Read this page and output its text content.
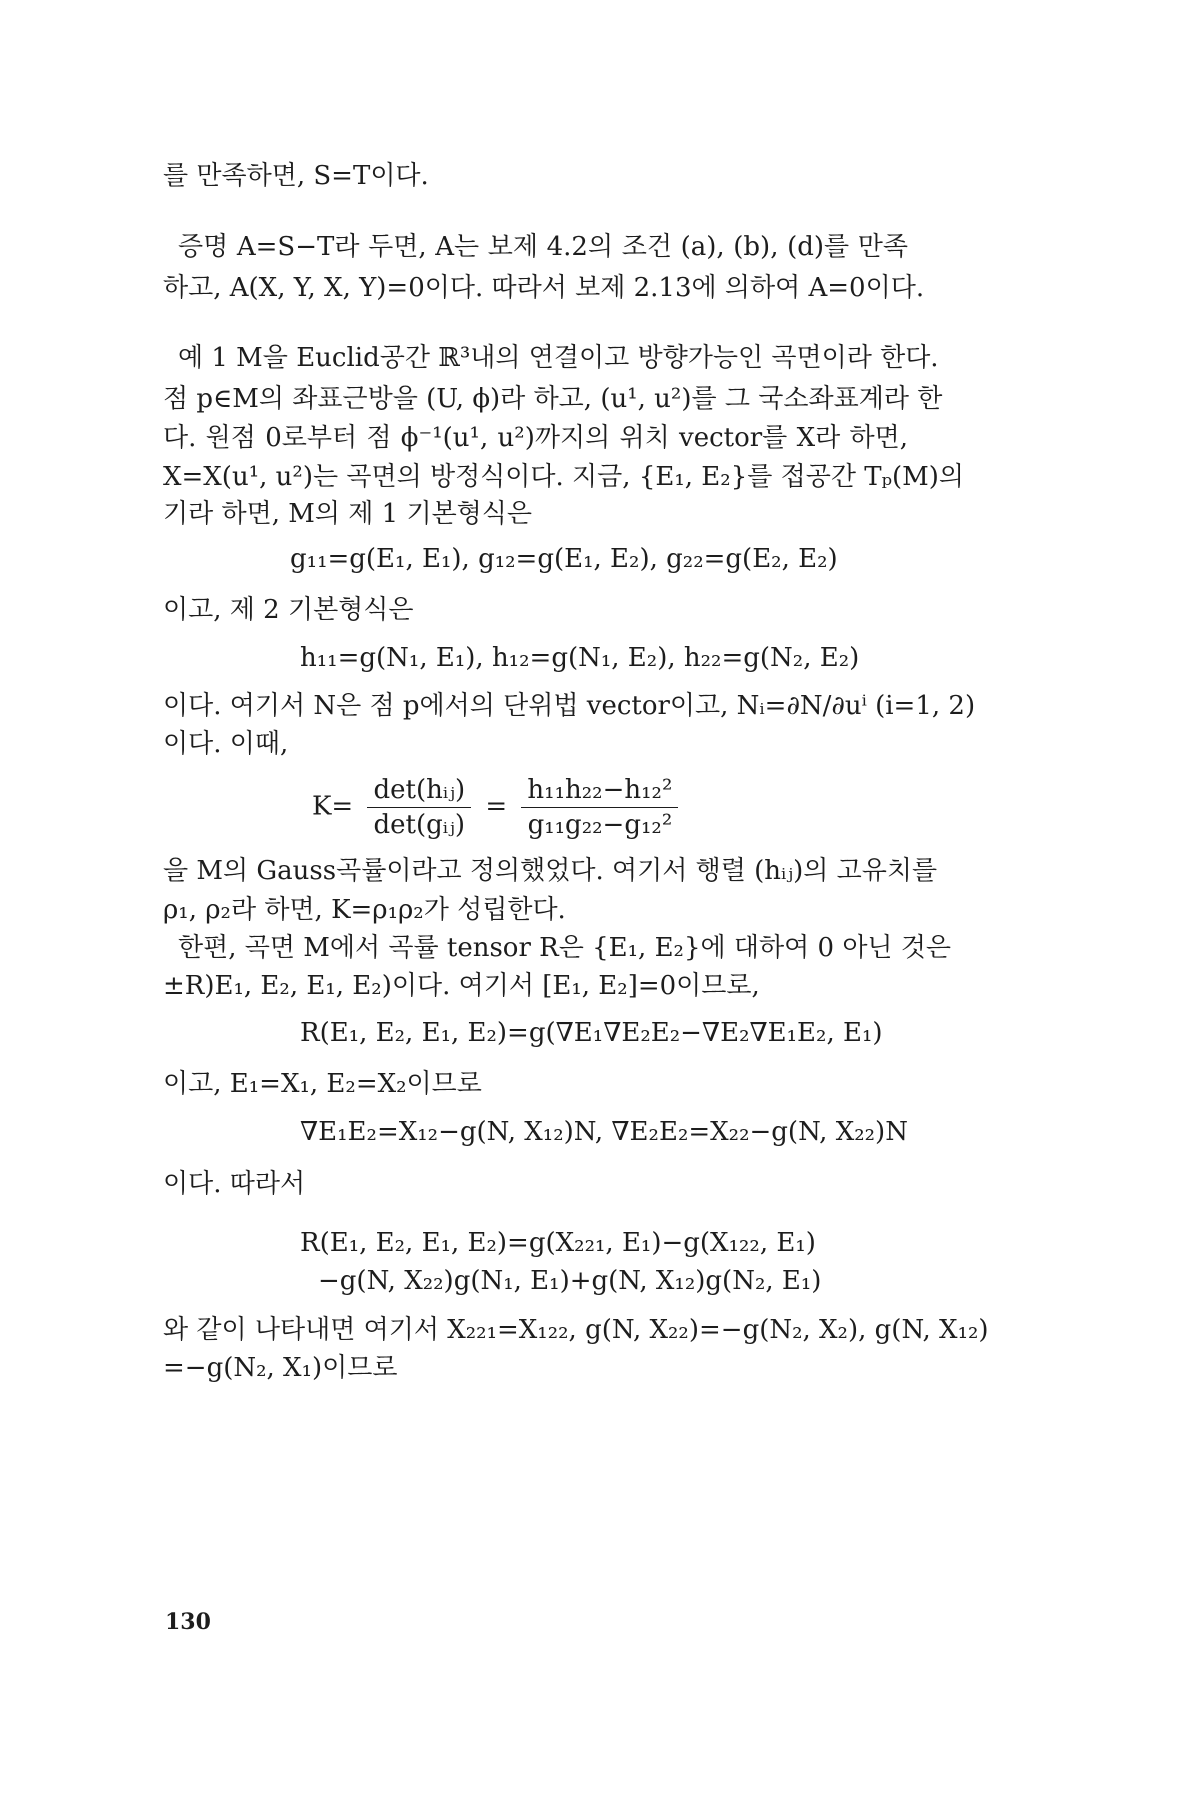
를 만족하면, S=T이다.
증명 A=S−T라 두면, A는 보제 4.2의 조건 (a), (b), (d)를 만족
하고, A(X, Y, X, Y)=0이다. 따라서 보제 2.13에 의하여 A=0이다.
예 1 M을 Euclid공간 ℝ³내의 연결이고 방향가능인 곡면이라 한다.
점 p∈M의 좌표근방을 (U, ϕ)라 하고, (u¹, u²)를 그 국소좌표계라 한
다. 원점 0로부터 점 ϕ⁻¹(u¹, u²)까지의 위치 vector를 X라 하면,
X=X(u¹, u²)는 곡면의 방정식이다. 지금, {E₁, E₂}를 접공간 Tₚ(M)의
기라 하면, M의 제 1 기본형식은
g₁₁=g(E₁, E₁), g₁₂=g(E₁, E₂), g₂₂=g(E₂, E₂)
이고, 제 2 기본형식은
h₁₁=g(N₁, E₁), h₁₂=g(N₁, E₂), h₂₂=g(N₂, E₂)
이다. 여기서 N은 점 p에서의 단위법 vector이고, Nᵢ=∂N/∂uⁱ (i=1, 2)
이다. 이때,
$K= \frac{\text{det(hᵢⱼ)}}{\text{det(gᵢⱼ)}} = \frac{\text{h₁₁h₂₂−h₁₂²}}{\text{g₁₁g₂₂−g₁₂²}}$
을 M의 Gauss곡률이라고 정의했었다. 여기서 행렬 (hᵢⱼ)의 고유치를
ρ₁, ρ₂라 하면, K=ρ₁ρ₂가 성립한다.
한편, 곡면 M에서 곡률 tensor R은 {E₁, E₂}에 대하여 0 아닌 것은
±R)E₁, E₂, E₁, E₂)이다. 여기서 [E₁, E₂]=0이므로,
R(E₁, E₂, E₁, E₂)=g(∇E₁∇E₂E₂−∇E₂∇E₁E₂, E₁)
이고, E₁=X₁, E₂=X₂이므로
∇E₁E₂=X₁₂−g(N, X₁₂)N, ∇E₂E₂=X₂₂−g(N, X₂₂)N
이다. 따라서
R(E₁, E₂, E₁, E₂)=g(X₂₂₁, E₁)−g(X₁₂₂, E₁)
−g(N, X₂₂)g(N₁, E₁)+g(N, X₁₂)g(N₂, E₁)
와 같이 나타내면 여기서 X₂₂₁=X₁₂₂, g(N, X₂₂)=−g(N₂, X₂), g(N, X₁₂)
=−g(N₂, X₁)이므로
130
